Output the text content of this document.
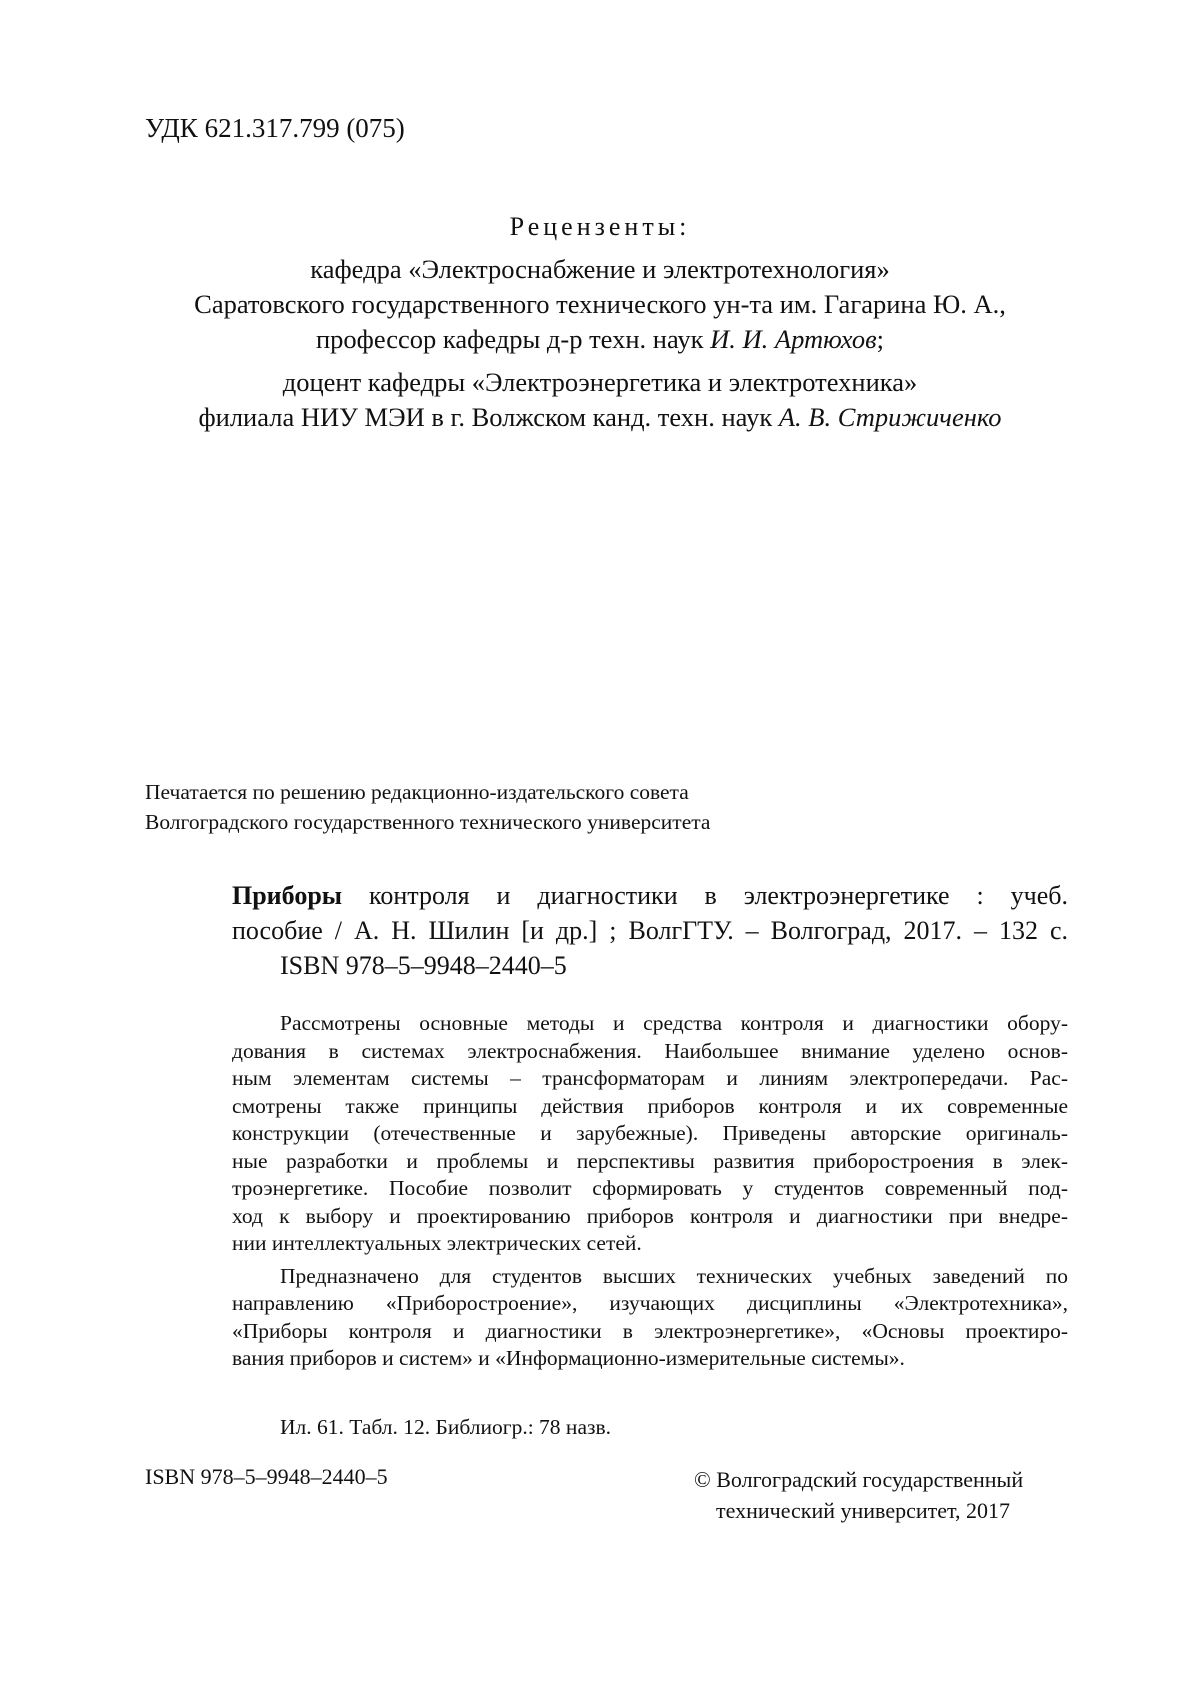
УДК 621.317.799 (075)
Рецензенты:
кафедра «Электроснабжение и электротехнология»
Саратовского государственного технического ун-та им. Гагарина Ю. А.,
профессор кафедры д-р техн. наук И. И. Артюхов;
доцент кафедры «Электроэнергетика и электротехника»
филиала НИУ МЭИ в г. Волжском канд. техн. наук А. В. Стрижиченко
Печатается по решению редакционно-издательского совета
Волгоградского государственного технического университета
Приборы контроля и диагностики в электроэнергетике : учеб.
пособие / А. Н. Шилин [и др.] ; ВолгГТУ. – Волгоград, 2017. – 132 с.
ISBN 978–5–9948–2440–5
Рассмотрены основные методы и средства контроля и диагностики обору-
дования в системах электроснабжения. Наибольшее внимание уделено основ-
ным элементам системы – трансформаторам и линиям электропередачи. Рас-
смотрены также принципы действия приборов контроля и их современные
конструкции (отечественные и зарубежные). Приведены авторские оригиналь-
ные разработки и проблемы и перспективы развития приборостроения в элек-
троэнергетике. Пособие позволит сформировать у студентов современный под-
ход к выбору и проектированию приборов контроля и диагностики при внедре-
нии интеллектуальных электрических сетей.
Предназначено для студентов высших технических учебных заведений по
направлению «Приборостроение», изучающих дисциплины «Электротехника»,
«Приборы контроля и диагностики в электроэнергетике», «Основы проектиро-
вания приборов и систем» и «Информационно-измерительные системы».
Ил. 61. Табл. 12. Библиогр.: 78 назв.
ISBN 978–5–9948–2440–5	© Волгоградский государственный
технический университет, 2017
